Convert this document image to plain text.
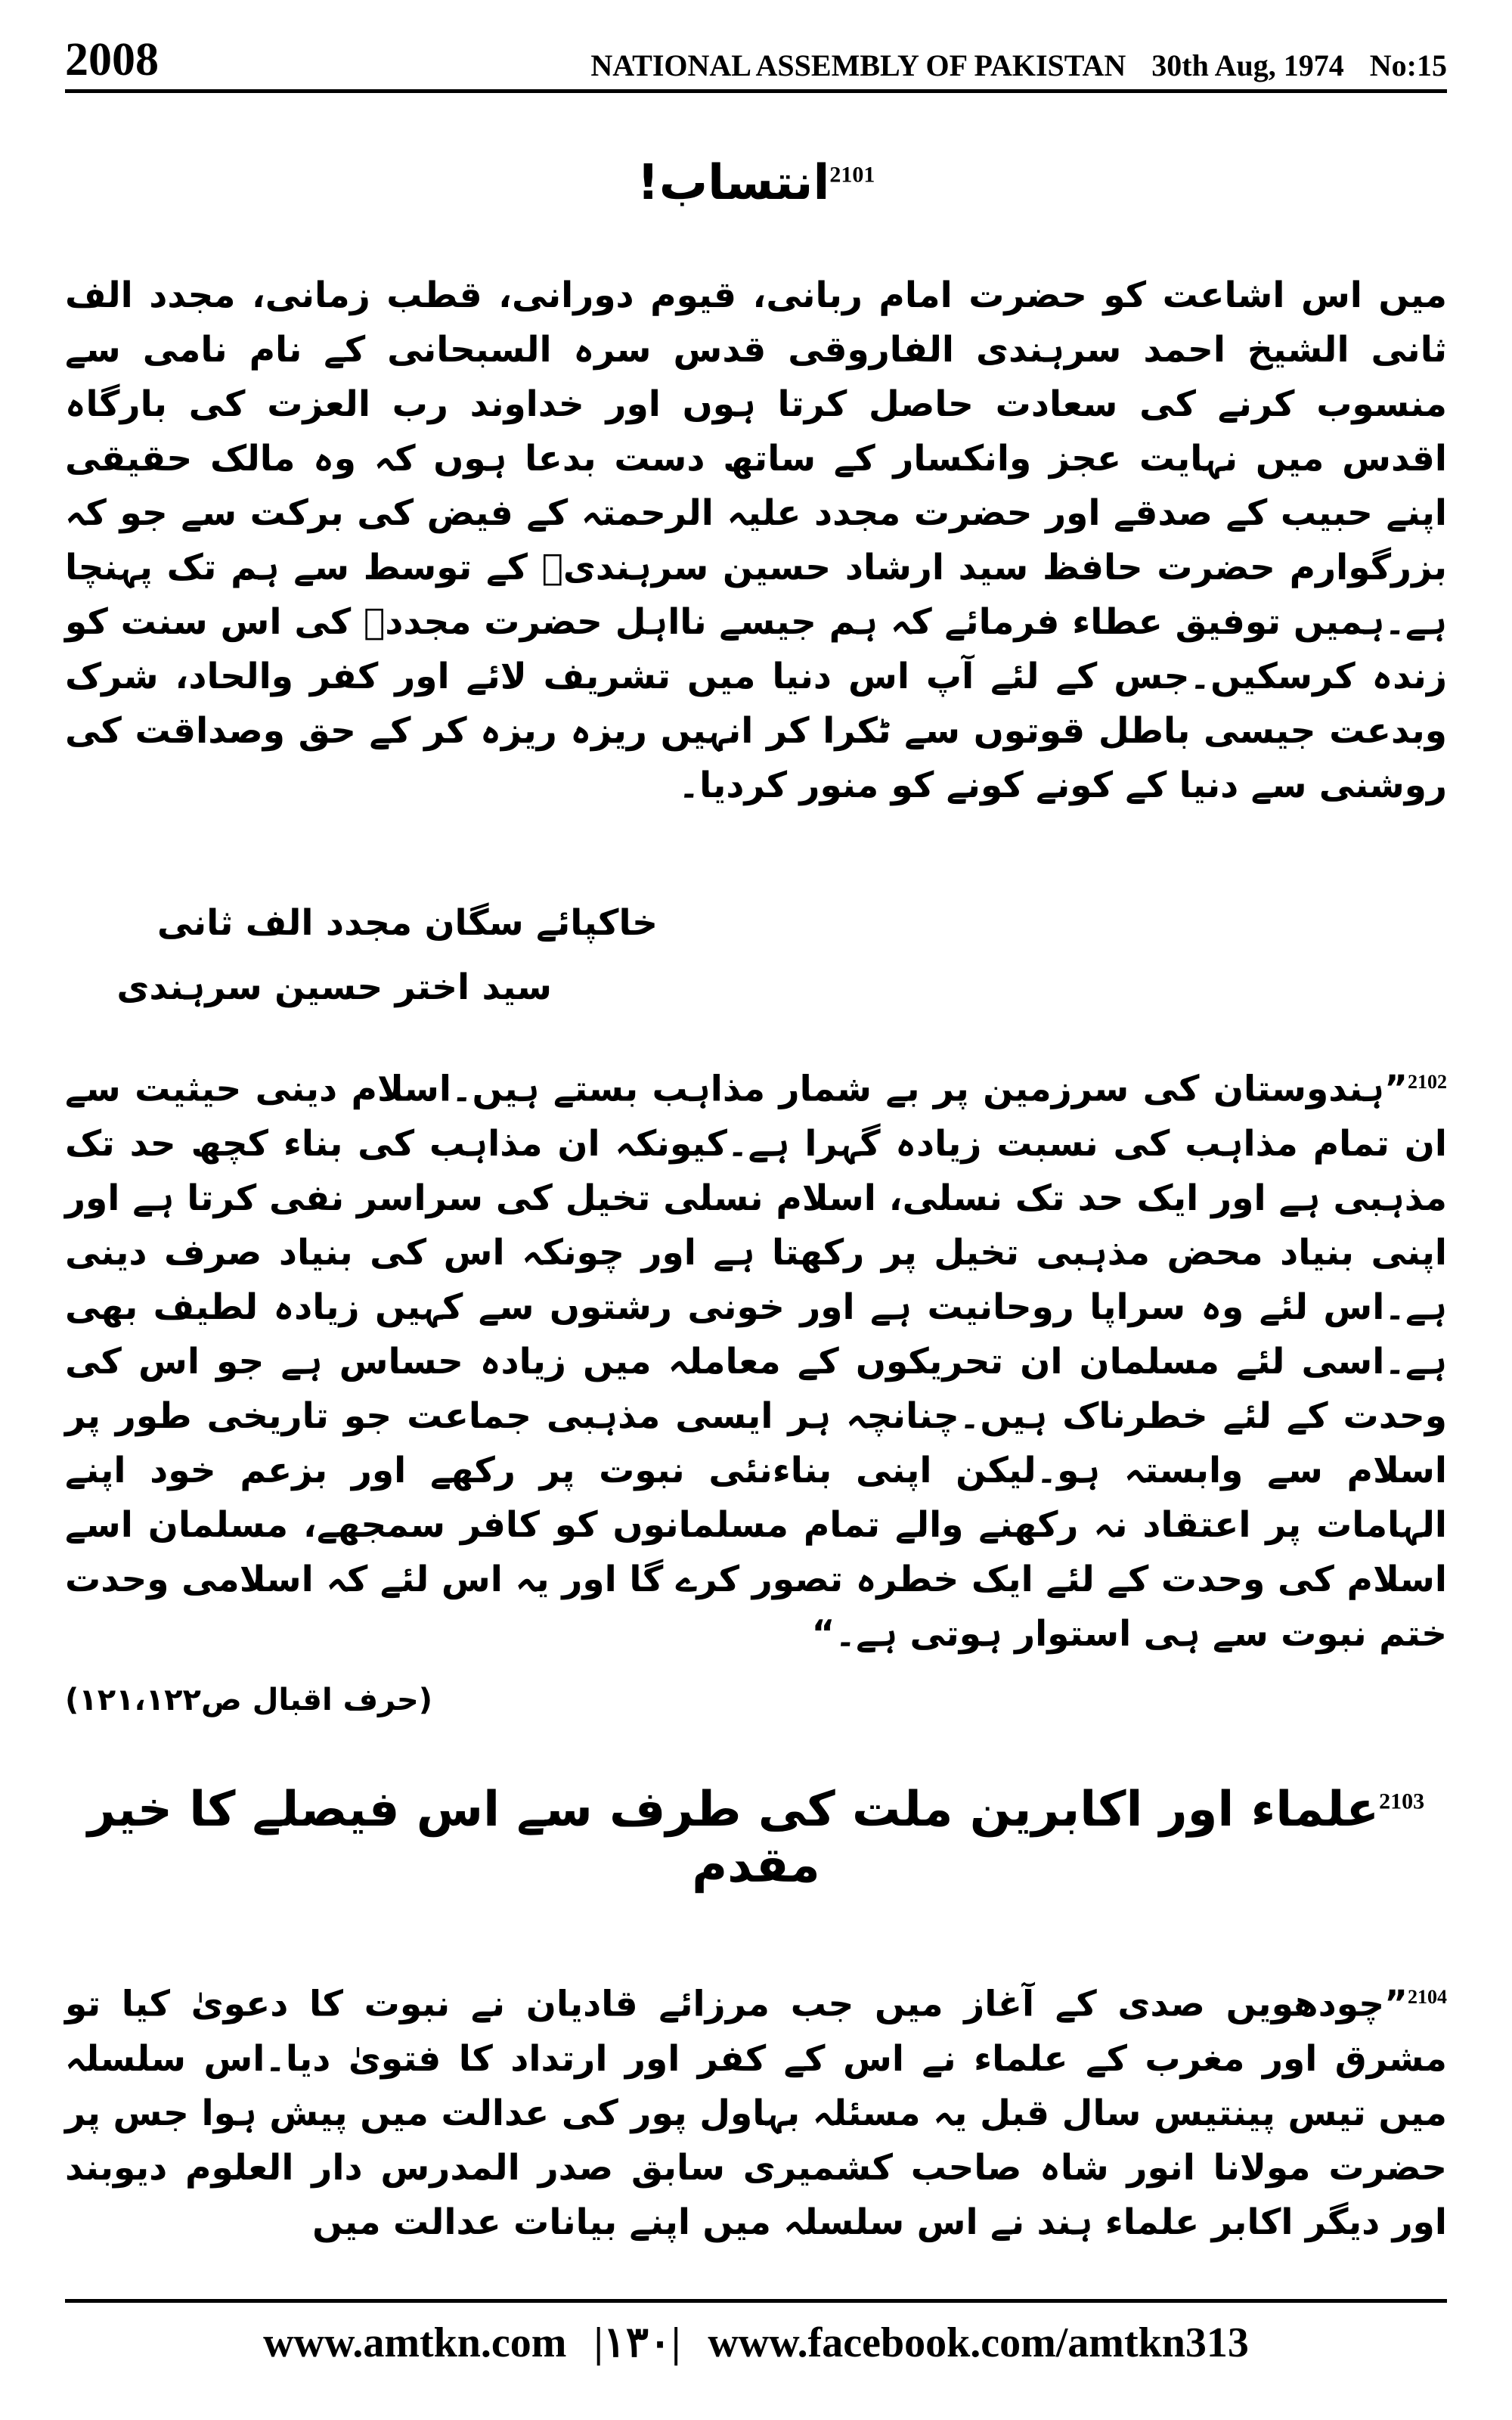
2008	NATIONAL ASSEMBLY OF PAKISTAN 30th Aug, 1974 No:15
$^{2101}$انتساب!
میں اس اشاعت کو حضرت امام ربانی، قیوم دورانی، قطب زمانی، مجدد الف ثانی الشیخ احمد سرہندی الفاروقی قدس سرہ السبحانی کے نام نامی سے منسوب کرنے کی سعادت حاصل کرتا ہوں اور خداوند رب العزت کی بارگاہ اقدس میں نہایت عجز وانکسار کے ساتھ دست بدعا ہوں کہ وہ مالک حقیقی اپنے حبیب کے صدقے اور حضرت مجدد علیہ الرحمتہ کے فیض کی برکت سے جو کہ بزرگوارم حضرت حافظ سید ارشاد حسین سرہندیؒ کے توسط سے ہم تک پہنچا ہے۔ہمیں توفیق عطاء فرمائے کہ ہم جیسے نااہل حضرت مجددؒ کی اس سنت کو زندہ کرسکیں۔جس کے لئے آپ اس دنیا میں تشریف لائے اور کفر والحاد، شرک وبدعت جیسی باطل قوتوں سے ٹکرا کر انہیں ریزہ ریزہ کر کے حق وصداقت کی روشنی سے دنیا کے کونے کونے کو منور کردیا۔
خاکپائے سگان مجدد الف ثانی
سید اختر حسین سرہندی
$^{2102}$”ہندوستان کی سرزمین پر بے شمار مذاہب بستے ہیں۔اسلام دینی حیثیت سے ان تمام مذاہب کی نسبت زیادہ گہرا ہے۔کیونکہ ان مذاہب کی بناء کچھ حد تک مذہبی ہے اور ایک حد تک نسلی، اسلام نسلی تخیل کی سراسر نفی کرتا ہے اور اپنی بنیاد محض مذہبی تخیل پر رکھتا ہے اور چونکہ اس کی بنیاد صرف دینی ہے۔اس لئے وہ سراپا روحانیت ہے اور خونی رشتوں سے کہیں زیادہ لطیف بھی ہے۔اسی لئے مسلمان ان تحریکوں کے معاملہ میں زیادہ حساس ہے جو اس کی وحدت کے لئے خطرناک ہیں۔چنانچہ ہر ایسی مذہبی جماعت جو تاریخی طور پر اسلام سے وابستہ ہو۔لیکن اپنی بناءنئی نبوت پر رکھے اور بزعم خود اپنے الہامات پر اعتقاد نہ رکھنے والے تمام مسلمانوں کو کافر سمجھے، مسلمان اسے اسلام کی وحدت کے لئے ایک خطرہ تصور کرے گا اور یہ اس لئے کہ اسلامی وحدت ختم نبوت سے ہی استوار ہوتی ہے۔“
(حرف اقبال ص۱۲۱،۱۲۲)
$^{2103}$علماء اور اکابرین ملت کی طرف سے اس فیصلے کا خیر مقدم
$^{2104}$”چودھویں صدی کے آغاز میں جب مرزائے قادیان نے نبوت کا دعویٰ کیا تو مشرق اور مغرب کے علماء نے اس کے کفر اور ارتداد کا فتویٰ دیا۔اس سلسلہ میں تیس پینتیس سال قبل یہ مسئلہ بہاول پور کی عدالت میں پیش ہوا جس پر حضرت مولانا انور شاہ صاحب کشمیری سابق صدر المدرس دار العلوم دیوبند اور دیگر اکابر علماء ہند نے اس سلسلہ میں اپنے بیانات عدالت میں
www.amtkn.com |۱۳۰| www.facebook.com/amtkn313
